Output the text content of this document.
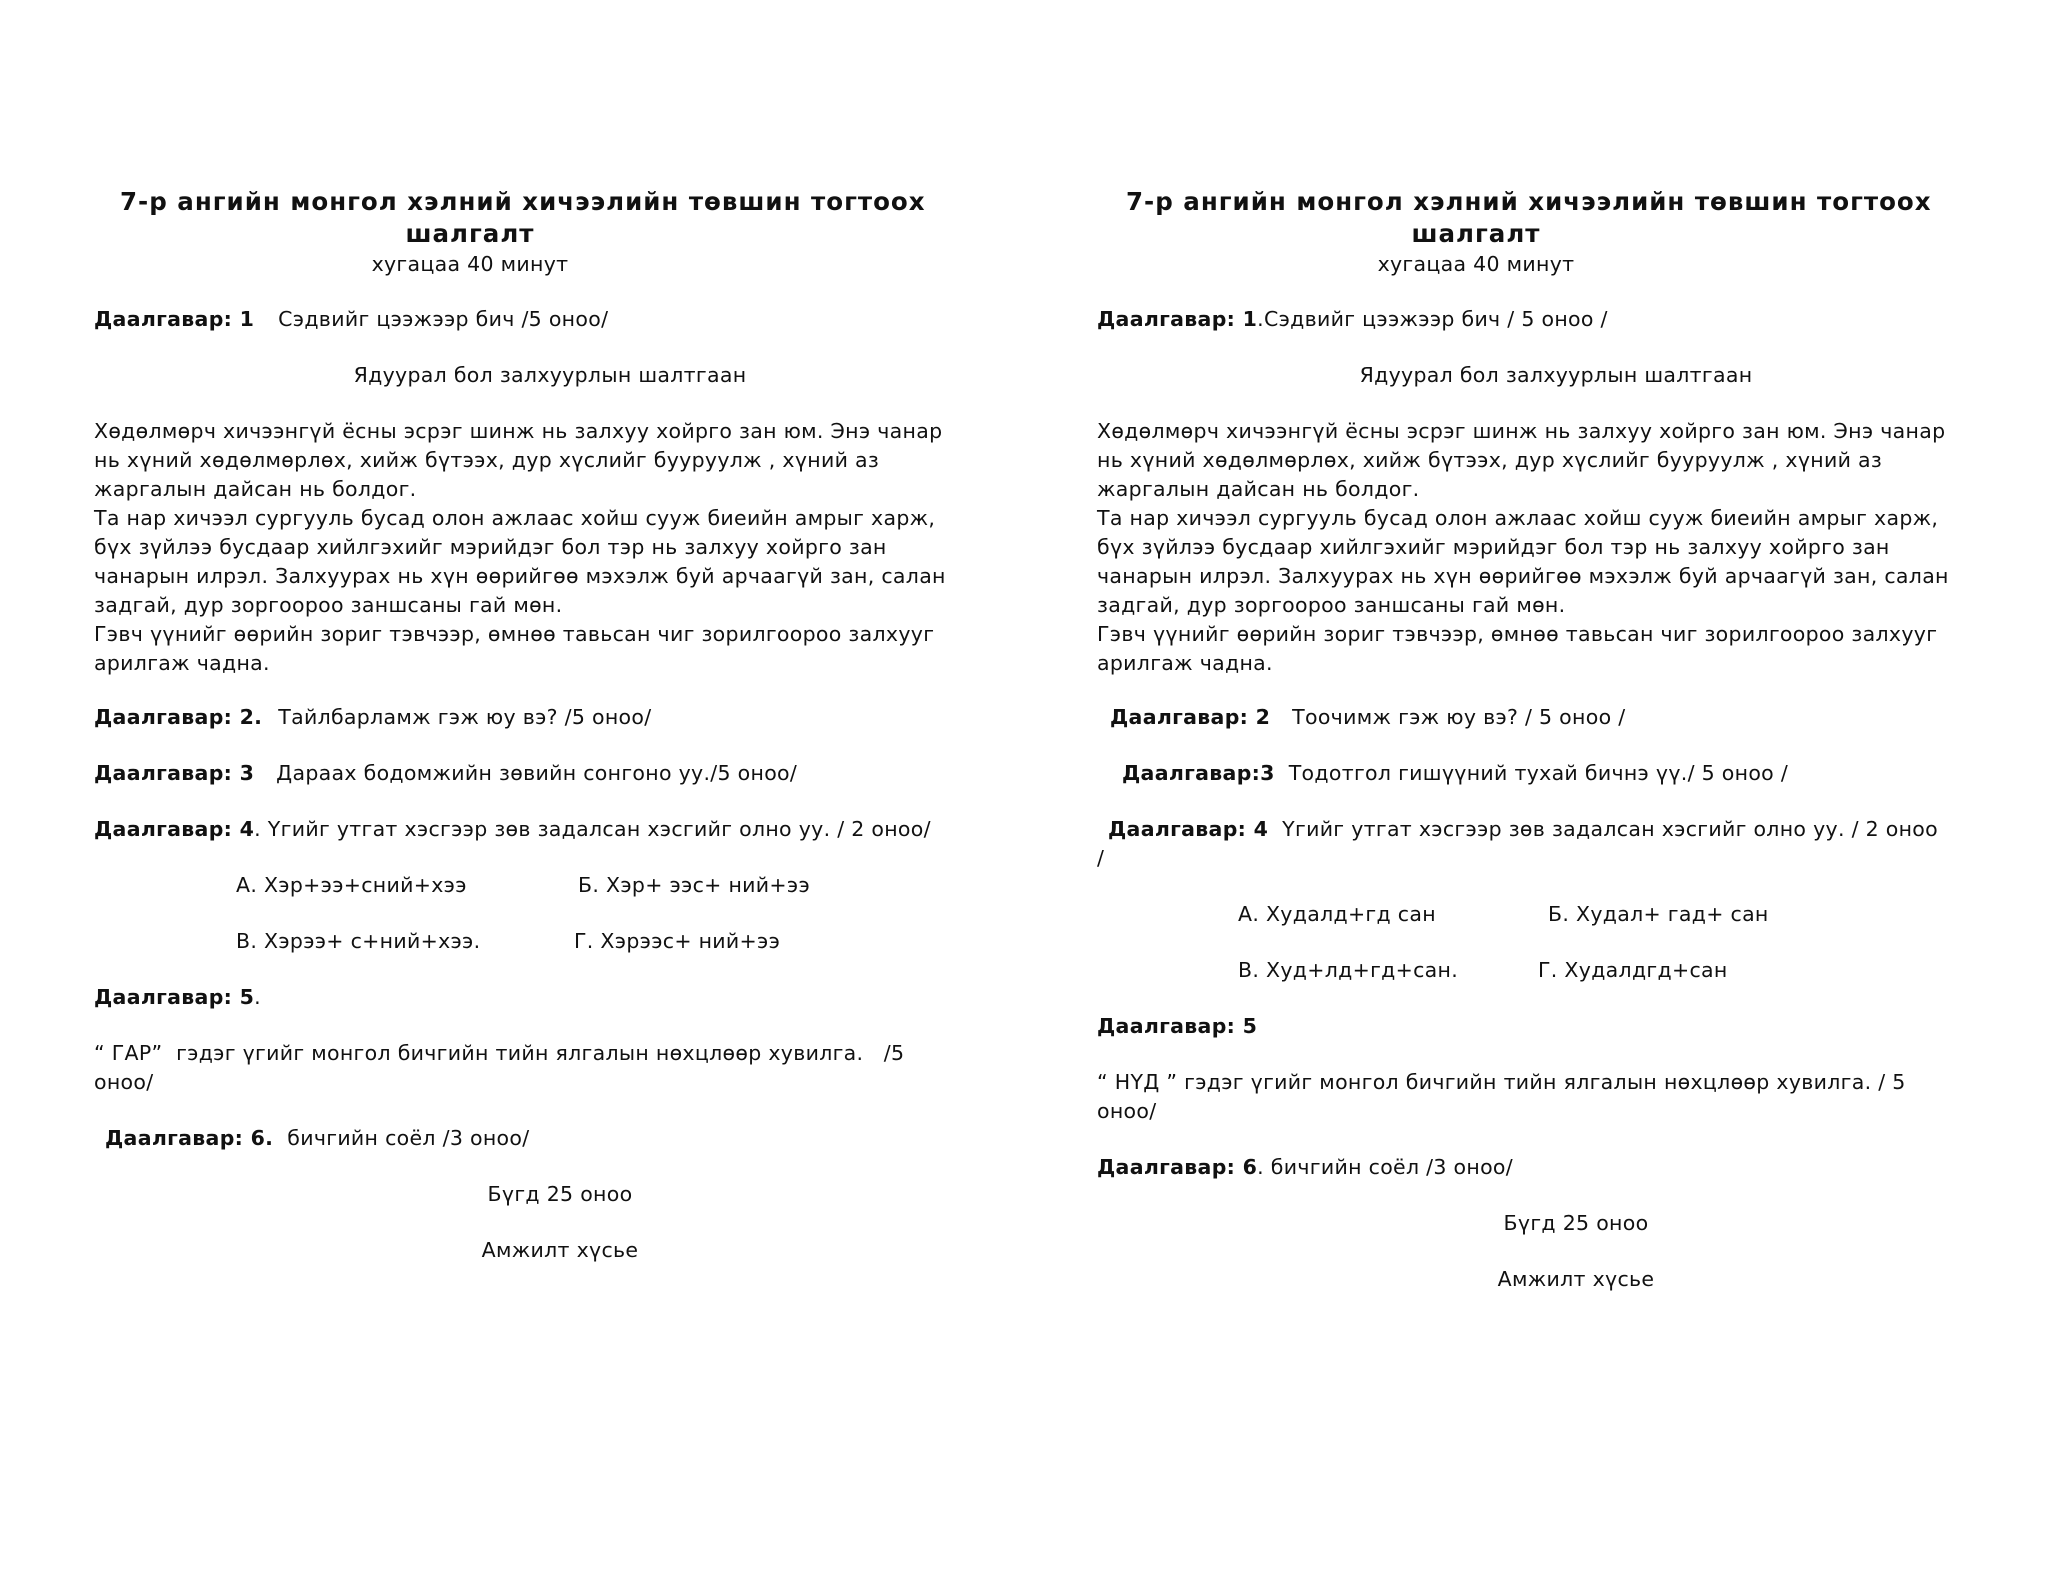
7-р ангийн монгол хэлний хичээлийн төвшин тогтоох

шалгалт

хугацаа 40 минут

Даалгавар: 1 Сэдвийг цээжээр бич /5 оноо/

Ядуурал бол залхуурлын шалтгаан

Хөдөлмөрч хичээнгүй ёсны эсрэг шинж нь залхуу хойрго зан юм. Энэ чанар
нь хүний хөдөлмөрлөх, хийж бүтээх, дур хүслийг бууруулж , хүний аз
жаргалын дайсан нь болдог.
Та нар хичээл сургууль бусад олон ажлаас хойш сууж биеийн амрыг харж,
бүх зүйлээ бусдаар хийлгэхийг мэрийдэг бол тэр нь залхуу хойрго зан
чанарын илрэл. Залхуурах нь хүн өөрийгөө мэхэлж буй арчаагүй зан, салан
задгай, дур зоргоороо заншсаны гай мөн.
Гэвч үүнийг өөрийн зориг тэвчээр, өмнөө тавьсан чиг зорилгоороо залхууг
арилгаж чадна.

Даалгавар: 2. Тайлбарламж гэж юу вэ? /5 оноо/

Даалгавар: 3 Дараах бодомжийн зөвийн сонгоно уу./5 оноо/

Даалгавар: 4. Үгийг утгат хэсгээр зөв задалсан хэсгийг олно уу. / 2 оноо/

А. Хэр+ээ+сний+хээ	Б. Хэр+ ээс+ ний+ээ

В. Хэрээ+ с+ний+хээ.	Г. Хэрээс+ ний+ээ

Даалгавар: 5.

“ ГАР”  гэдэг үгийг монгол бичгийн тийн ялгалын нөхцлөөр хувилга.   /5

оноо/

Даалгавар: 6. бичгийн соёл /3 оноо/

Бүгд 25 оноо

Амжилт хүсье

7-р ангийн монгол хэлний хичээлийн төвшин тогтоох

шалгалт

хугацаа 40 минут

Даалгавар: 1.Сэдвийг цээжээр бич / 5 оноо /

Ядуурал бол залхуурлын шалтгаан

Хөдөлмөрч хичээнгүй ёсны эсрэг шинж нь залхуу хойрго зан юм. Энэ чанар
нь хүний хөдөлмөрлөх, хийж бүтээх, дур хүслийг бууруулж , хүний аз
жаргалын дайсан нь болдог.
Та нар хичээл сургууль бусад олон ажлаас хойш сууж биеийн амрыг харж,
бүх зүйлээ бусдаар хийлгэхийг мэрийдэг бол тэр нь залхуу хойрго зан
чанарын илрэл. Залхуурах нь хүн өөрийгөө мэхэлж буй арчаагүй зан, салан
задгай, дур зоргоороо заншсаны гай мөн.
Гэвч үүнийг өөрийн зориг тэвчээр, өмнөө тавьсан чиг зорилгоороо залхууг
арилгаж чадна.

Даалгавар: 2 Тоочимж гэж юу вэ? / 5 оноо /

Даалгавар:3 Тодотгол гишүүний тухай бичнэ үү./ 5 оноо /

Даалгавар: 4 Үгийг утгат хэсгээр зөв задалсан хэсгийг олно уу. / 2 оноо

/

А. Худалд+гд сан	Б. Худал+ гад+ сан

В. Худ+лд+гд+сан.	Г. Худалдгд+сан

Даалгавар: 5

“ НҮД ” гэдэг үгийг монгол бичгийн тийн ялгалын нөхцлөөр хувилга. / 5

оноо/

Даалгавар: 6. бичгийн соёл /3 оноо/

Бүгд 25 оноо

Амжилт хүсье
